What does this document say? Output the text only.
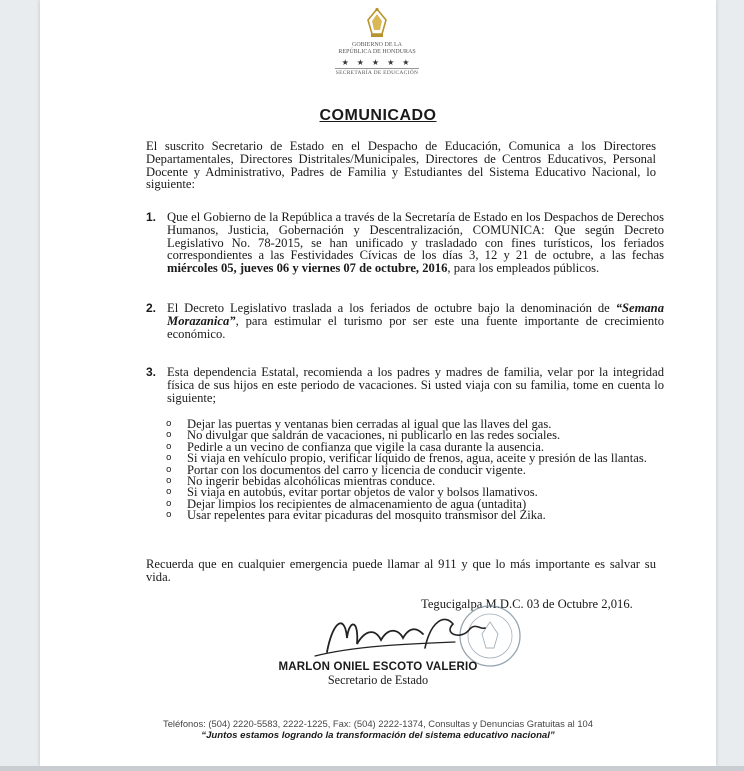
GOBIERNO DE LA
REPÚBLICA DE HONDURAS
★ ★ ★ ★ ★
SECRETARÍA DE EDUCACIÓN
COMUNICADO
El suscrito Secretario de Estado en el Despacho de Educación, Comunica a los Directores Departamentales, Directores Distritales/Municipales, Directores de Centros Educativos, Personal Docente y Administrativo, Padres de Familia y Estudiantes del Sistema Educativo Nacional, lo siguiente:
1. Que el Gobierno de la República a través de la Secretaría de Estado en los Despachos de Derechos Humanos, Justicia, Gobernación y Descentralización, COMUNICA: Que según Decreto Legislativo No. 78-2015, se han unificado y trasladado con fines turísticos, los feriados correspondientes a las Festividades Cívicas de los días 3, 12 y 21 de octubre, a las fechas miércoles 05, jueves 06 y viernes 07 de octubre, 2016, para los empleados públicos.
2. El Decreto Legislativo traslada a los feriados de octubre bajo la denominación de “Semana Morazanica”, para estimular el turismo por ser este una fuente importante de crecimiento económico.
3. Esta dependencia Estatal, recomienda a los padres y madres de familia, velar por la integridad física de sus hijos en este periodo de vacaciones. Si usted viaja con su familia, tome en cuenta lo siguiente;
o Dejar las puertas y ventanas bien cerradas al igual que las llaves del gas.
o No divulgar que saldrán de vacaciones, ni publicarlo en las redes sociales.
o Pedirle a un vecino de confianza que vigile la casa durante la ausencia.
o Si viaja en vehículo propio, verificar líquido de frenos, agua, aceite y presión de las llantas.
o Portar con los documentos del carro y licencia de conducir vigente.
o No ingerir bebidas alcohólicas mientras conduce.
o Si viaja en autobús, evitar portar objetos de valor y bolsos llamativos.
o Dejar limpios los recipientes de almacenamiento de agua (untadita)
o Usar repelentes para evitar picaduras del mosquito transmisor del Zika.
Recuerda que en cualquier emergencia puede llamar al 911 y que lo más importante es salvar su vida.
Tegucigalpa M.D.C. 03 de Octubre 2,016.
MARLON ONIEL ESCOTO VALERIO
Secretario de Estado
Teléfonos: (504) 2220-5583, 2222-1225, Fax: (504) 2222-1374, Consultas y Denuncias Gratuitas al 104
“Juntos estamos logrando la transformación del sistema educativo nacional”
